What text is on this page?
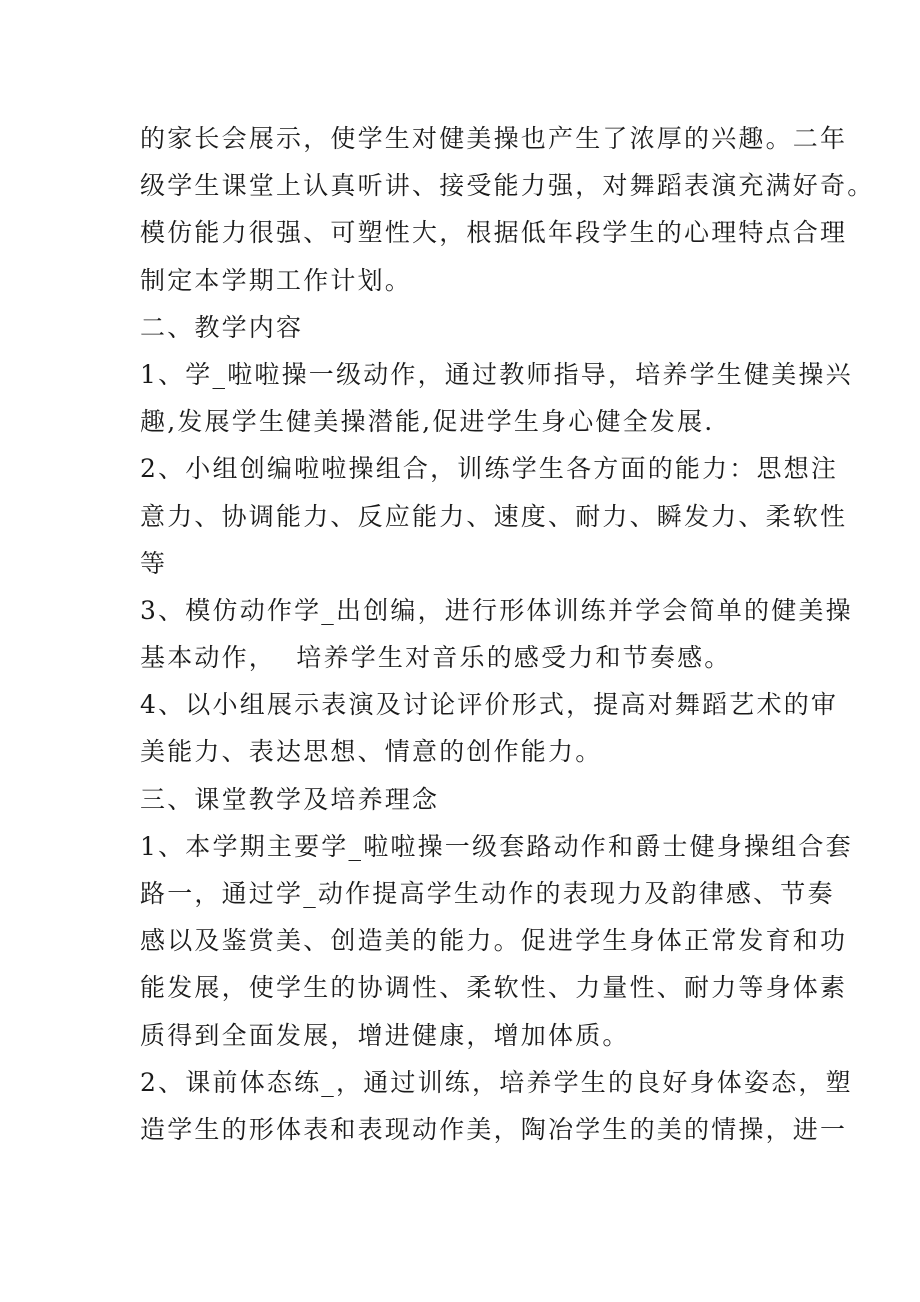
的家长会展示，使学生对健美操也产生了浓厚的兴趣。二年
级学生课堂上认真听讲、接受能力强，对舞蹈表演充满好奇。
模仿能力很强、可塑性大，根据低年段学生的心理特点合理
制定本学期工作计划。
二、教学内容
1、学_啦啦操一级动作，通过教师指导，培养学生健美操兴
趣,发展学生健美操潜能,促进学生身心健全发展.
2、小组创编啦啦操组合，训练学生各方面的能力：思想注
意力、协调能力、反应能力、速度、耐力、瞬发力、柔软性
等
3、模仿动作学_出创编，进行形体训练并学会简单的健美操
基本动作，  培养学生对音乐的感受力和节奏感。
4、以小组展示表演及讨论评价形式，提高对舞蹈艺术的审
美能力、表达思想、情意的创作能力。
三、课堂教学及培养理念
1、本学期主要学_啦啦操一级套路动作和爵士健身操组合套
路一，通过学_动作提高学生动作的表现力及韵律感、节奏
感以及鉴赏美、创造美的能力。促进学生身体正常发育和功
能发展，使学生的协调性、柔软性、力量性、耐力等身体素
质得到全面发展，增进健康，增加体质。
2、课前体态练_，通过训练，培养学生的良好身体姿态，塑
造学生的形体表和表现动作美，陶冶学生的美的情操，进一
